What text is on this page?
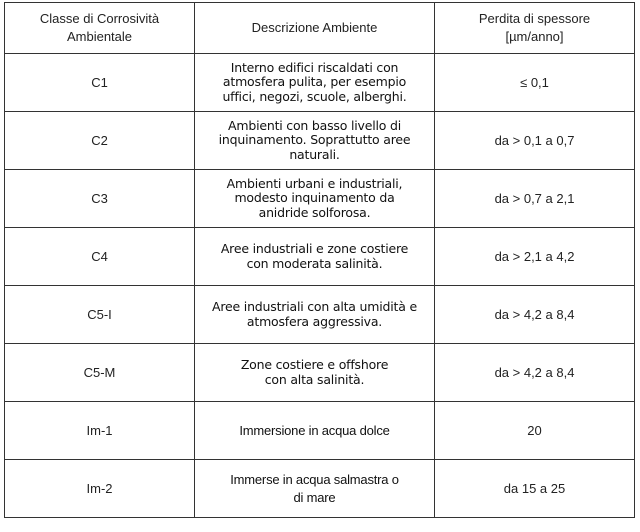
Classe di Corrosività
Ambientale	Descrizione Ambiente	Perdita di spessore
[µm/anno]
C1	Interno edifici riscaldati con
atmosfera pulita, per esempio
uffici, negozi, scuole, alberghi.	≤ 0,1
C2	Ambienti con basso livello di
inquinamento. Soprattutto aree
naturali.	da > 0,1 a 0,7
C3	Ambienti urbani e industriali,
modesto inquinamento da
anidride solforosa.	da > 0,7 a 2,1
C4	Aree industriali e zone costiere
con moderata salinità.	da > 2,1 a 4,2
C5-I	Aree industriali con alta umidità e
atmosfera aggressiva.	da > 4,2 a 8,4
C5-M	Zone costiere e offshore
con alta salinità.	da > 4,2 a 8,4
Im-1	Immersione in acqua dolce	20
Im-2	Immerse in acqua salmastra o
di mare	da 15 a 25
